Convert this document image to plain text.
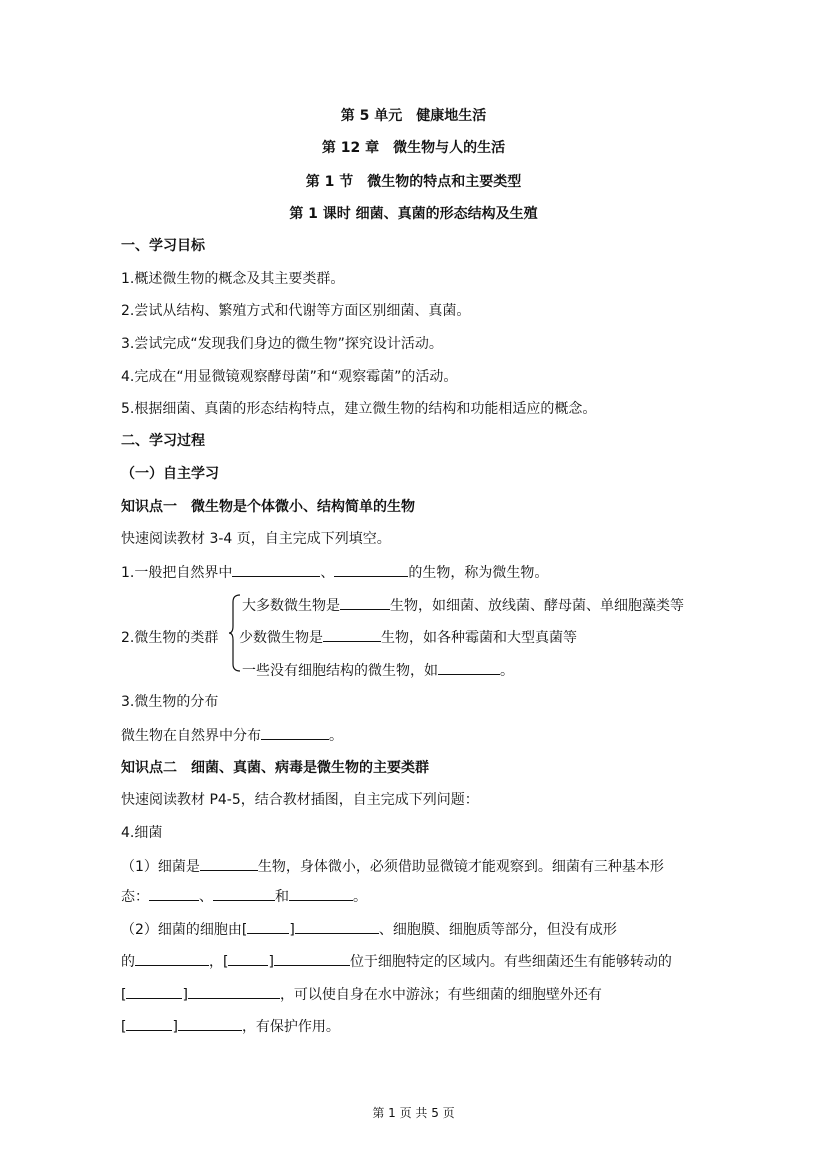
第 5 单元　健康地生活
第 12 章　微生物与人的生活
第 1 节　微生物的特点和主要类型
第 1 课时 细菌、真菌的形态结构及生殖
一、学习目标
1.概述微生物的概念及其主要类群。
2.尝试从结构、繁殖方式和代谢等方面区别细菌、真菌。
3.尝试完成“发现我们身边的微生物”探究设计活动。
4.完成在“用显微镜观察酵母菌”和“观察霉菌”的活动。
5.根据细菌、真菌的形态结构特点，建立微生物的结构和功能相适应的概念。
二、学习过程
（一）自主学习
知识点一　微生物是个体微小、结构简单的生物
快速阅读教材 3-4 页，自主完成下列填空。
1.一般把自然界中	、	的生物，称为微生物。
2.微生物的类群
大多数微生物是	生物，如细菌、放线菌、酵母菌、单细胞藻类等
少数微生物是	生物，如各种霉菌和大型真菌等
一些没有细胞结构的微生物，如	。
3.微生物的分布
微生物在自然界中分布	。
知识点二　细菌、真菌、病毒是微生物的主要类群
快速阅读教材 P4-5，结合教材插图，自主完成下列问题：
4.细菌
（1）细菌是	生物，身体微小，必须借助显微镜才能观察到。细菌有三种基本形
态：	、	和	。
（2）细菌的细胞由[	]	、细胞膜、细胞质等部分，但没有成形
的	，[	]	位于细胞特定的区域内。有些细菌还生有能够转动的
[	]	，可以使自身在水中游泳；有些细菌的细胞壁外还有
[	]	，有保护作用。
第 1 页 共 5 页
